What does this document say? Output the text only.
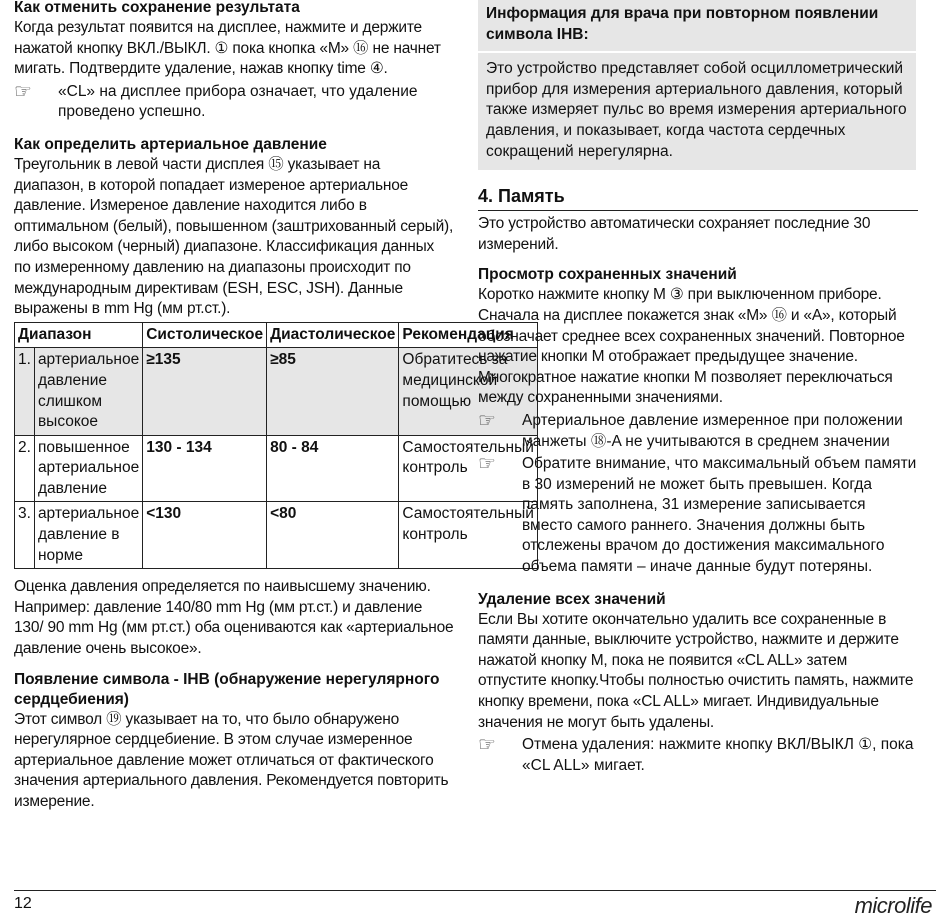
Как отменить сохранение результата

Когда результат появится на дисплее, нажмите и держите нажатой кнопку ВКЛ./ВЫКЛ. ① пока кнопка «M» ⑯ не начнет мигать. Подтвердите удаление, нажав кнопку time ④.

☞	«CL» на дисплее прибора означает, что удаление проведено успешно.

Как определить артериальное давление

Треугольник в левой части дисплея ⑮ указывает на диапазон, в которой попадает измереное артериальное давление. Измереное давление находится либо в оптимальном (белый), повышенном (заштрихованный серый), либо высоком (черный) диапазоне. Классификация данных по измеренному давлению на диапазоны происходит по международным директивам (ESH, ESC, JSH). Данные выражены в mm Hg (мм рт.ст.).

Диапазон		Систолическое	Диастолическое	Рекомендация
1.	артериальное давление слишком высокое	≥135	≥85	Обратитесь за медицинской помощью
2.	повышенное артериальное давление	130 - 134	80 - 84	Самостоятельный контроль
3.	артериальное давление в норме	<130	<80	Самостоятельный контроль

Оценка давления определяется по наивысшему значению. Например: давление 140/80 mm Hg (мм рт.ст.) и давление 130/ 90 mm Hg (мм рт.ст.) оба оцениваются как «артериальное давление очень высокое».

Появление символа - IHB (обнаружение нерегулярного сердцебиения)

Этот символ ⑲ указывает на то, что было обнаружено нерегулярное сердцебиение. В этом случае измеренное артериальное давление может отличаться от фактического значения артериального давления. Рекомендуется повторить измерение.

Информация для врача при повторном появлении символа IHB:
Это устройство представляет собой осциллометрический прибор для измерения артериального давления, который также измеряет пульс во время измерения артериального давления, и показывает, когда частота сердечных сокращений нерегулярна.
4. Память

Это устройство автоматически сохраняет последние 30 измерений.

Просмотр сохраненных значений

Коротко нажмите кнопку M ③ при выключенном приборе. Сначала на дисплее покажется знак «M» ⑯ и «A», который обозначает среднее всех сохраненных значений. Повторное нажатие кнопки M отображает предыдущее значение. Многократное нажатие кнопки M позволяет переключаться между сохраненными значениями.

☞	Артериальное давление измеренное при положении манжеты ⑱-A не учитываются в среднем значении
☞	Обратите внимание, что максимальный объем памяти в 30 измерений не может быть превышен. Когда память заполнена, 31 измерение записывается вместо самого раннего. Значения должны быть отслежены врачом до достижения максимального объема памяти – иначе данные будут потеряны.

Удаление всех значений

Если Вы хотите окончательно удалить все сохраненные в памяти данные, выключите устройство, нажмите и держите нажатой кнопку M, пока не появится «CL ALL» затем отпустите кнопку.Чтобы полностью очистить память, нажмите кнопку времени, пока «CL ALL» мигает. Индивидуальные значения не могут быть удалены.

☞	Отмена удаления: нажмите кнопку ВКЛ/ВЫКЛ ①, пока «CL ALL» мигает.
12	microlife
